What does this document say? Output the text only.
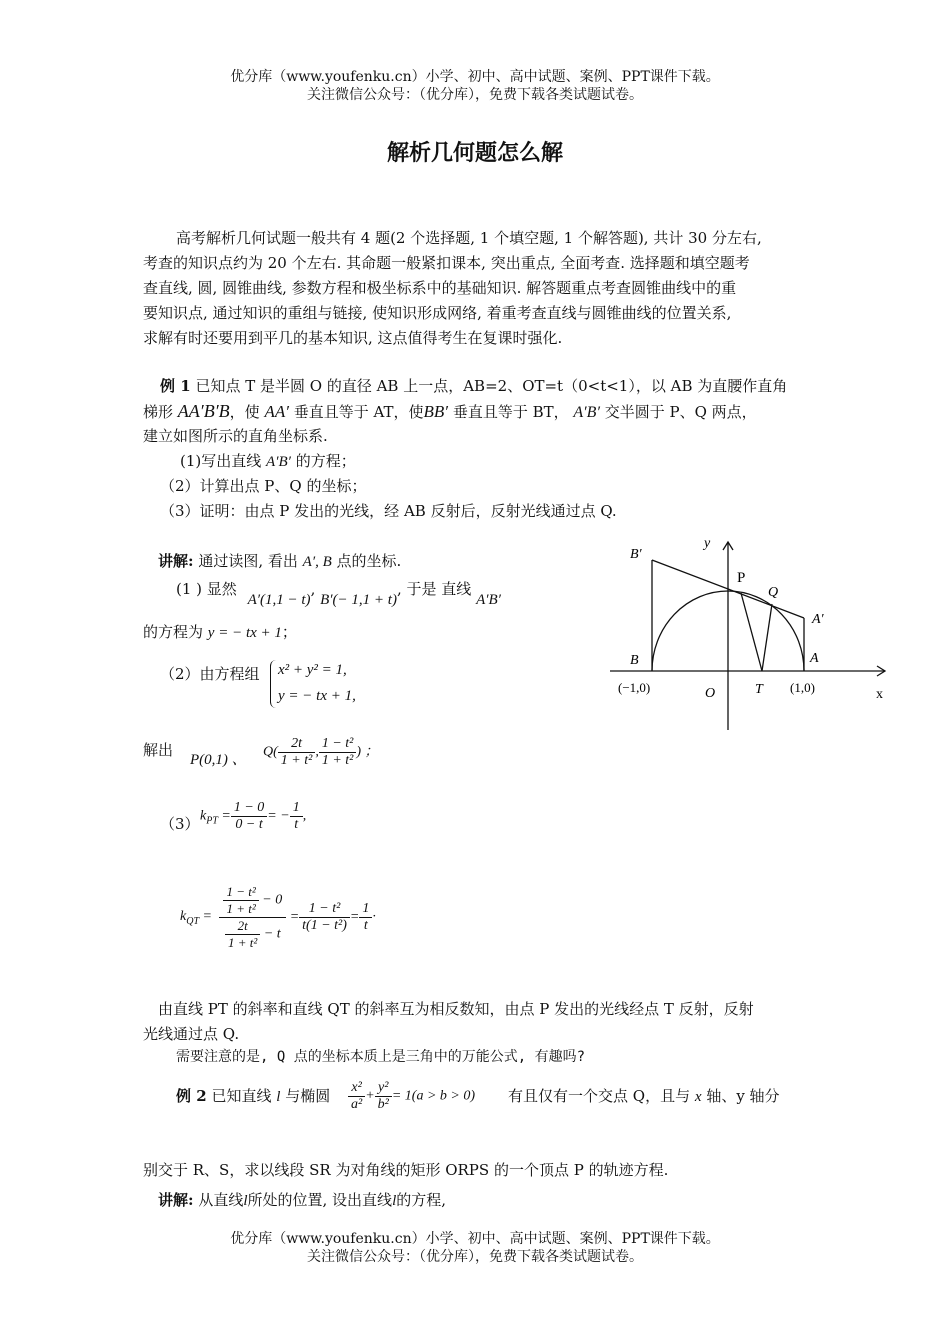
优分库（www.youfenku.cn）小学、初中、高中试题、案例、PPT课件下载。
关注微信公众号：（优分库），免费下载各类试题试卷。
解析几何题怎么解
高考解析几何试题一般共有 4 题(2 个选择题, 1 个填空题, 1 个解答题), 共计 30 分左右,
考查的知识点约为 20 个左右. 其命题一般紧扣课本, 突出重点, 全面考查. 选择题和填空题考
查直线, 圆, 圆锥曲线, 参数方程和极坐标系中的基础知识. 解答题重点考查圆锥曲线中的重
要知识点, 通过知识的重组与链接, 使知识形成网络, 着重考查直线与圆锥曲线的位置关系,
求解有时还要用到平几的基本知识, 这点值得考生在复课时强化.
例 1 已知点 T 是半圆 O 的直径 AB 上一点，AB=2、OT=t（0<t<1），以 AB 为直腰作直角
梯形 AA′B′B，使 AA′ 垂直且等于 AT，使BB′ 垂直且等于 BT， A′B′ 交半圆于 P、Q 两点，
建立如图所示的直角坐标系.
(1)写出直线 A′B′ 的方程；
（2）计算出点 P、Q 的坐标；
（3）证明：由点 P 发出的光线，经 AB 反射后，反射光线通过点 Q.
讲解: 通过读图, 看出 A′, B 点的坐标.
(1 ) 显然 A′(1,1 − t), B′(− 1,1 + t), 于是 直线 A′B′
的方程为 y = − tx + 1；
（2）由方程组 x² + y² = 1,
y = − tx + 1,
解出
P(0,1) 、 $Q( \frac{2t}{\text{1 + t²}}$ , $\frac{\text{1 − t²}}{\text{1 + t²}}$ ) ；
（3） $k_{PT} = \frac{1 - 0}{0 - t}$ = − $\frac{1}{t}$ ,
$k_{QT} = \frac{\frac{\text{1 − t²}}{\text{1 + t²}} - 0}{\frac{2t}{\text{1 + t²}} - t} = \frac{\text{1 − t²}}{\text{t(1 − t²)}} = \frac{1}{t}$ ·
由直线 PT 的斜率和直线 QT 的斜率互为相反数知，由点 P 发出的光线经点 T 反射，反射
光线通过点 Q.
需要注意的是, Q 点的坐标本质上是三角中的万能公式, 有趣吗?
例 2 已知直线 l 与椭圆 $\frac{\text{x²}}{\text{a²}} + \frac{\text{y²}}{\text{b²}} = 1(a > b > 0)$ 有且仅有一个交点 Q，且与 x 轴、y 轴分
别交于 R、S，求以线段 SR 为对角线的矩形 ORPS 的一个顶点 P 的轨迹方程.
讲解: 从直线l所处的位置, 设出直线l的方程,
优分库（www.youfenku.cn）小学、初中、高中试题、案例、PPT课件下载。
关注微信公众号：（优分库），免费下载各类试题试卷。
B′
y
P
Q
A′
B	A
(−1,0)	O	T (1,0)	x
